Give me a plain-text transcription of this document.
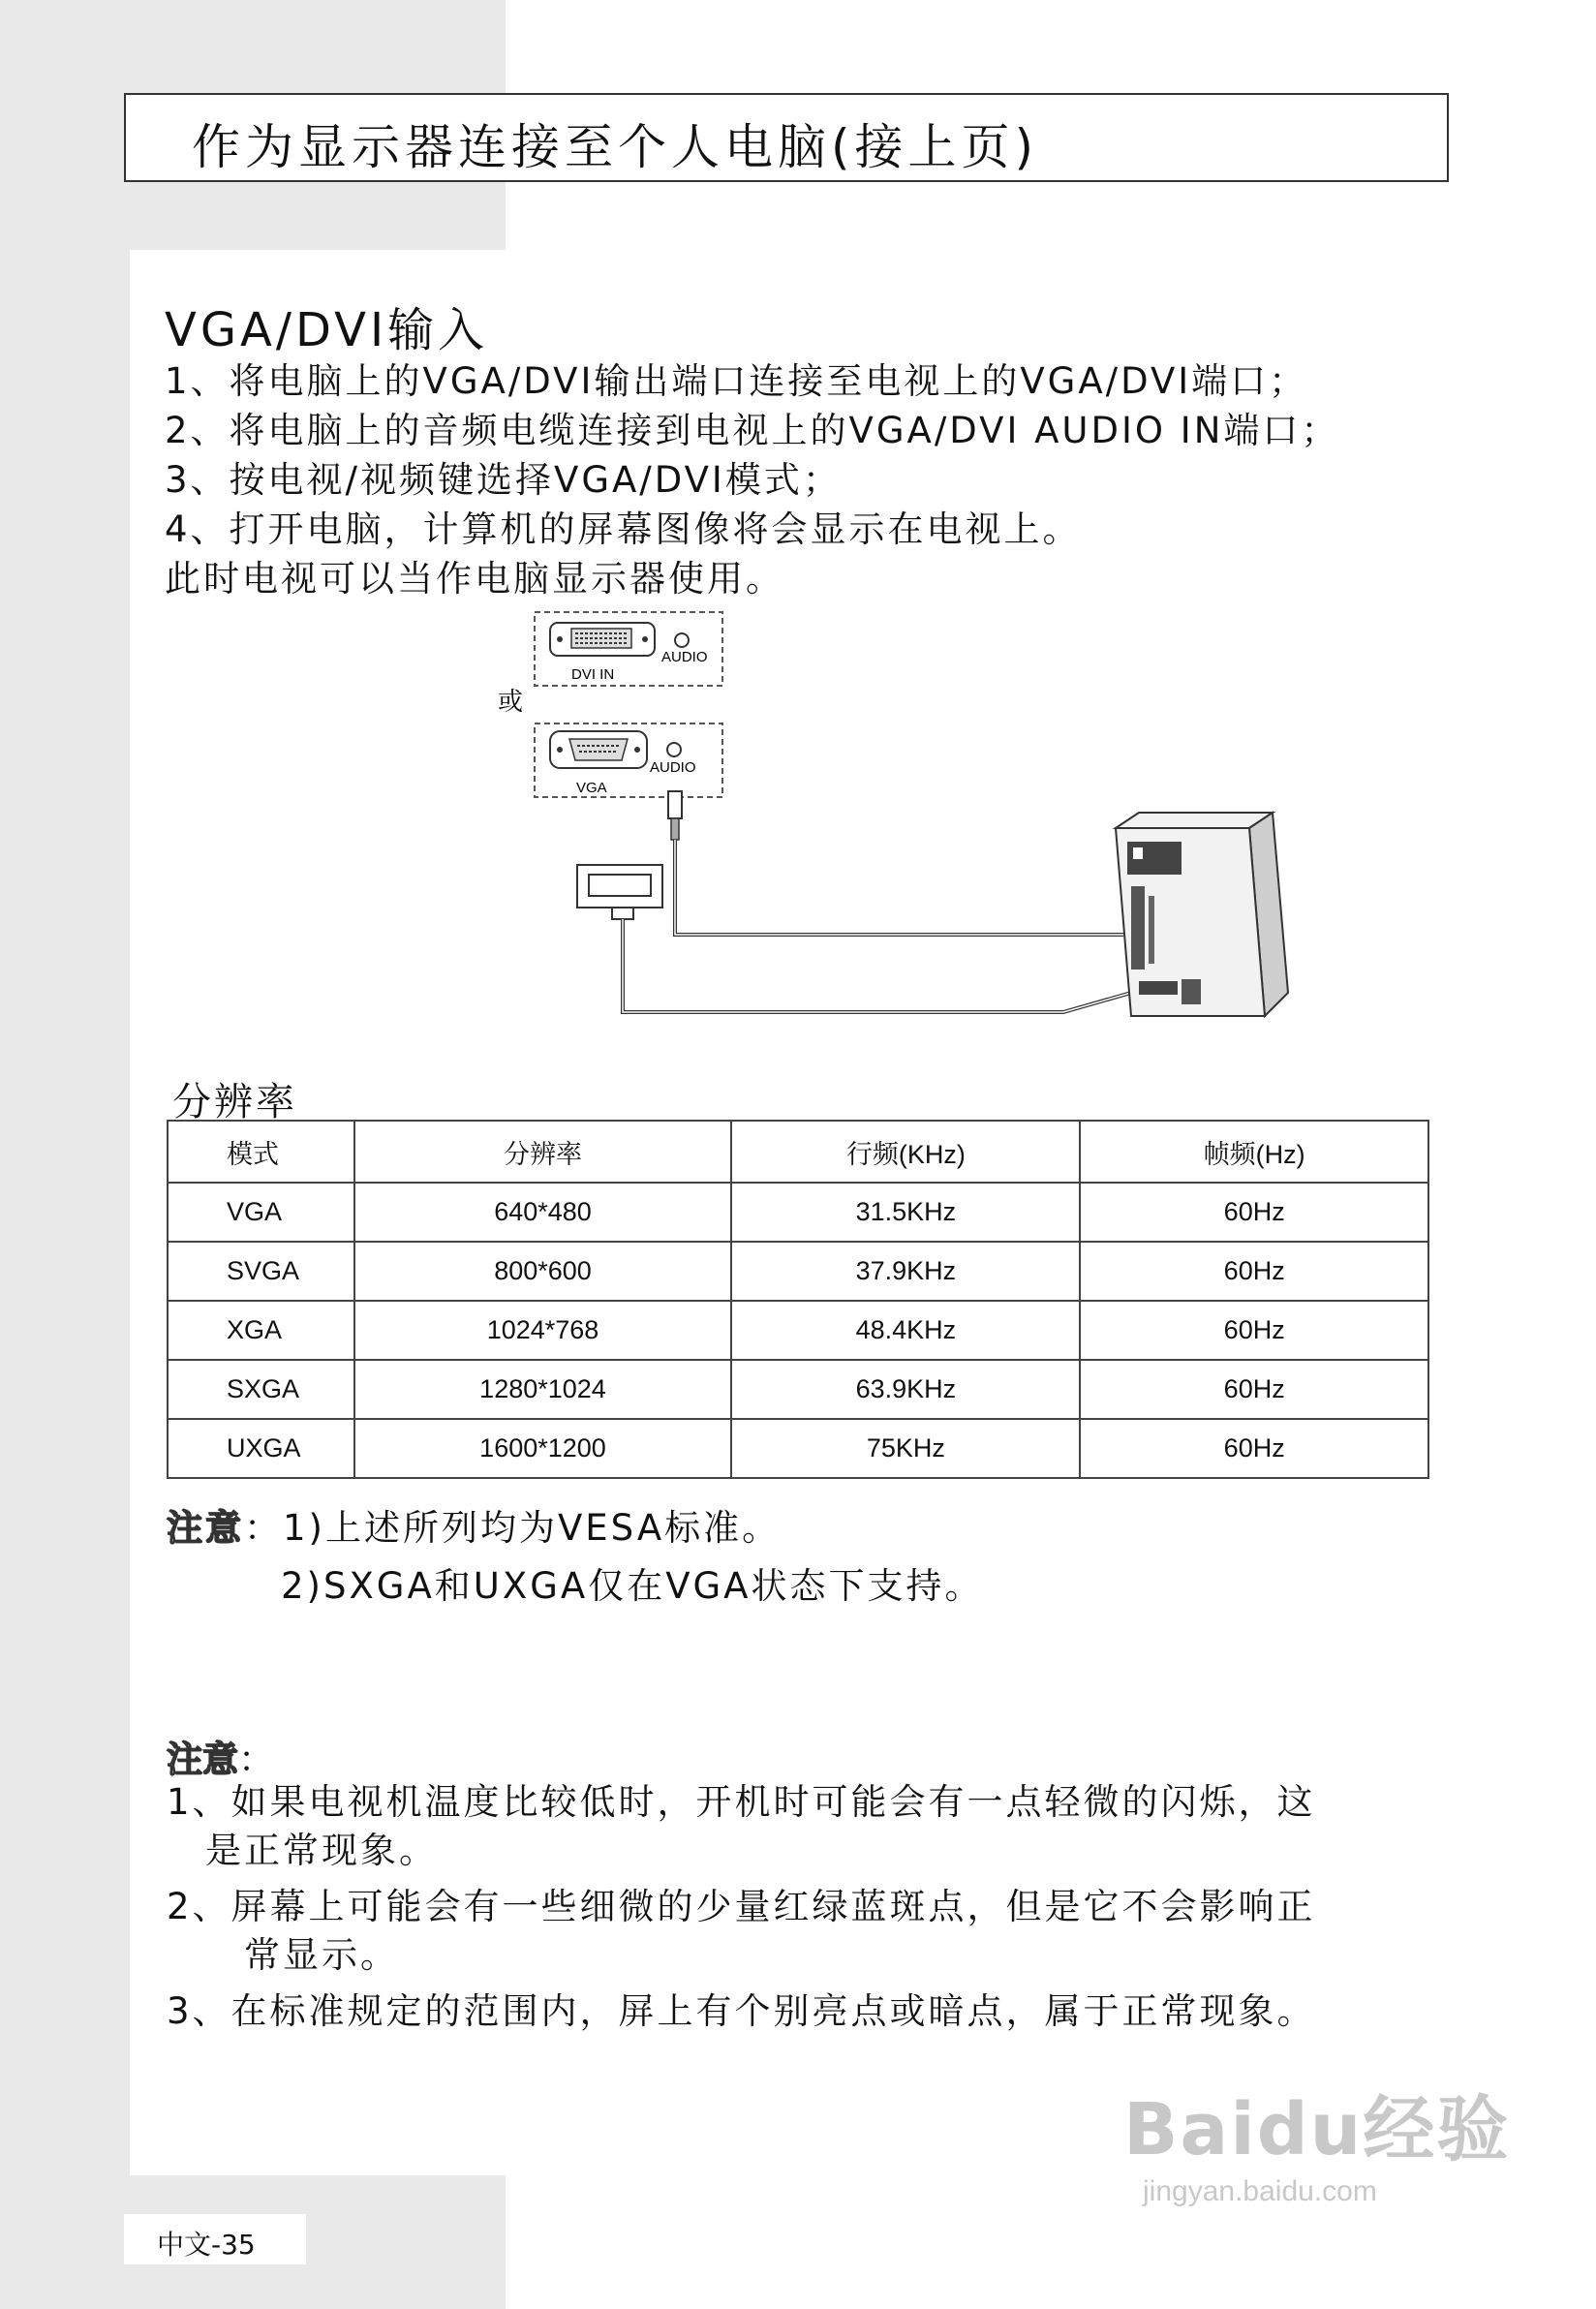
作为显示器连接至个人电脑(接上页)
VGA/DVI输入
1、将电脑上的VGA/DVI输出端口连接至电视上的VGA/DVI端口；
2、将电脑上的音频电缆连接到电视上的VGA/DVI AUDIO IN端口；
3、按电视/视频键选择VGA/DVI模式；
4、打开电脑，计算机的屏幕图像将会显示在电视上。
此时电视可以当作电脑显示器使用。
AUDIO
DVI IN
或
AUDIO
VGA
分辨率
模式	分辨率	行频(KHz)	帧频(Hz)
VGA	640*480	31.5KHz	60Hz
SVGA	800*600	37.9KHz	60Hz
XGA	1024*768	48.4KHz	60Hz
SXGA	1280*1024	63.9KHz	60Hz
UXGA	1600*1200	75KHz	60Hz
注意：1)上述所列均为VESA标准。
2)SXGA和UXGA仅在VGA状态下支持。
注意：
1、如果电视机温度比较低时，开机时可能会有一点轻微的闪烁，这
　是正常现象。
2、屏幕上可能会有一些细微的少量红绿蓝斑点，但是它不会影响正
　　常显示。
3、在标准规定的范围内，屏上有个别亮点或暗点，属于正常现象。
中文-35
Baidu经验
jingyan.baidu.com
